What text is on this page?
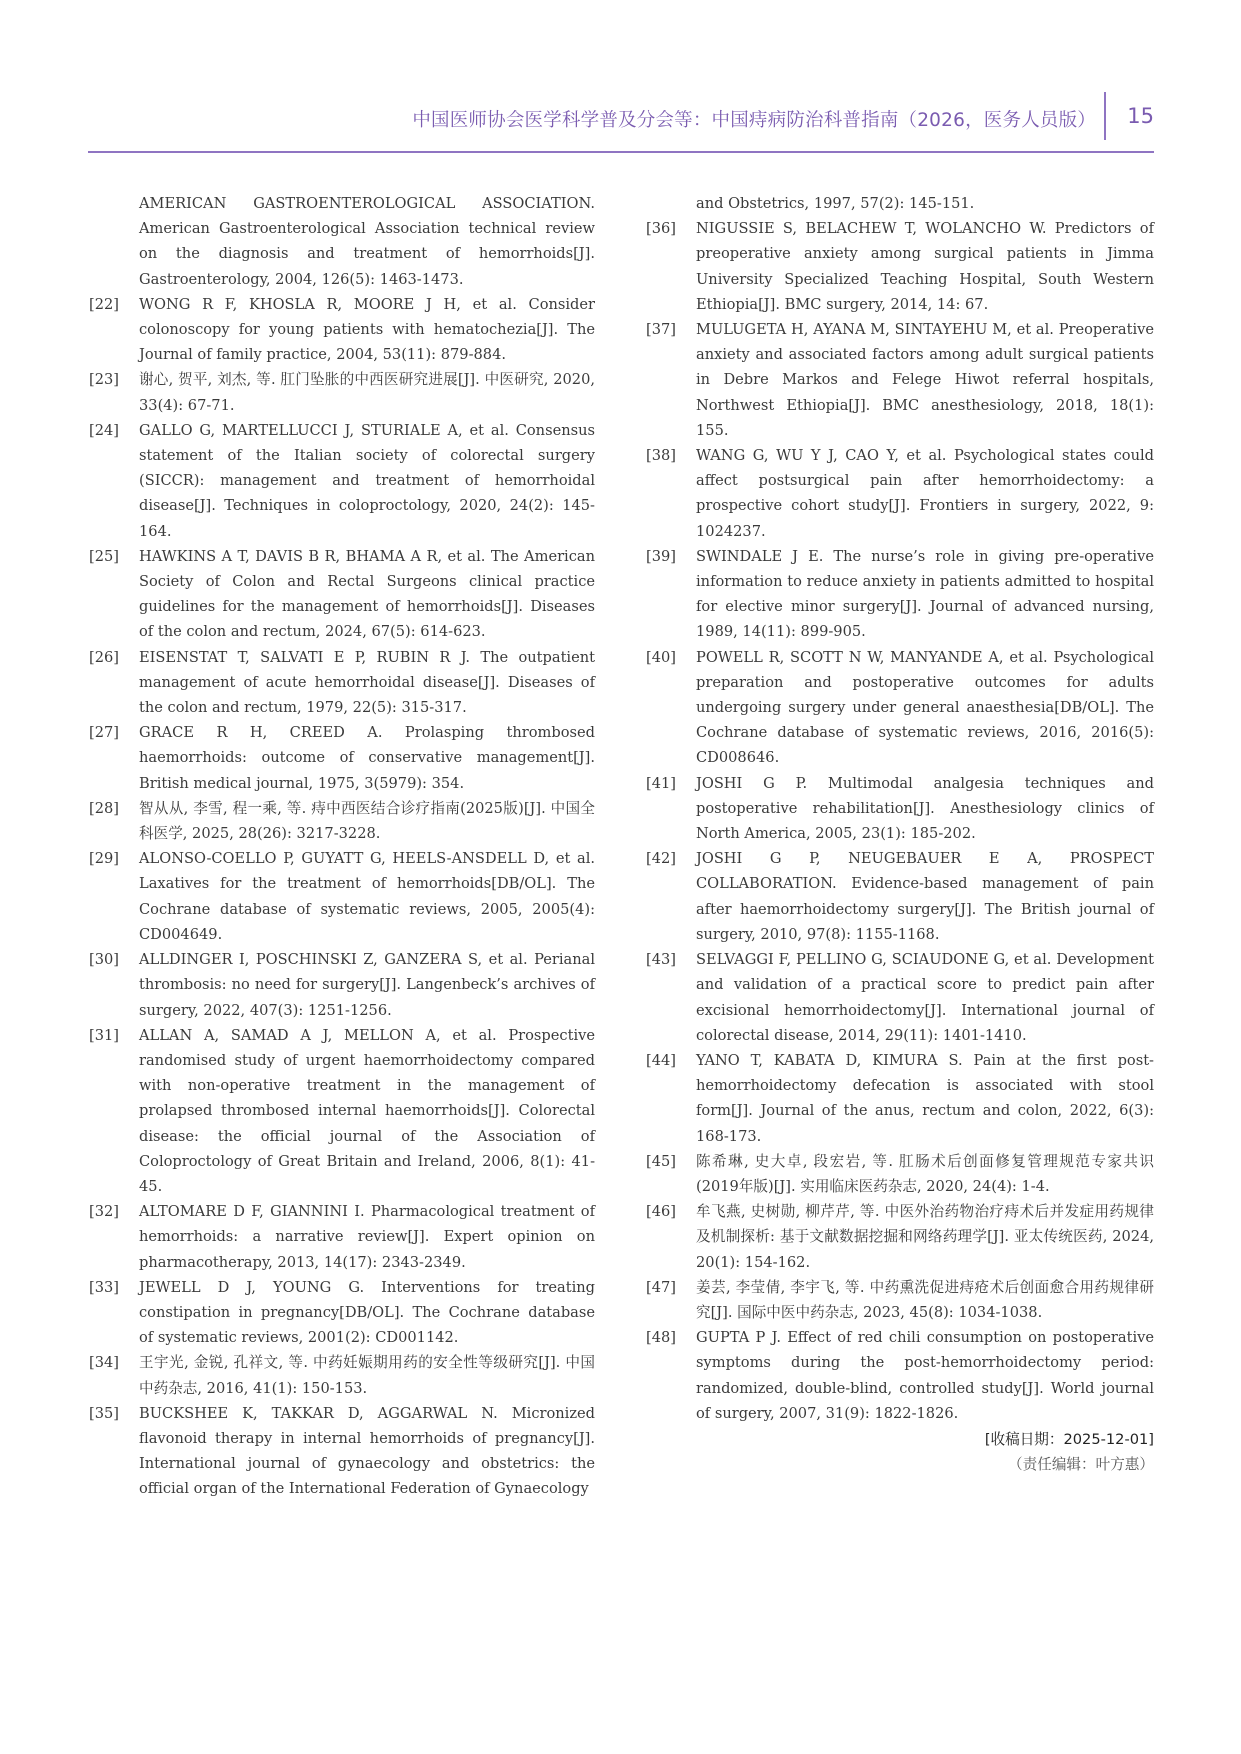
中国医师协会医学科学普及分会等：中国痔病防治科普指南（2026，医务人员版）	15
AMERICAN GASTROENTEROLOGICAL ASSOCIATION. American Gastroenterological Association technical review on the diagnosis and treatment of hemorrhoids[J]. Gastroenterology, 2004, 126(5): 1463-1473.
[22] WONG R F, KHOSLA R, MOORE J H, et al. Consider colonoscopy for young patients with hematochezia[J]. The Journal of family practice, 2004, 53(11): 879-884.
[23] 谢心, 贺平, 刘杰, 等. 肛门坠胀的中西医研究进展[J]. 中医研究, 2020, 33(4): 67-71.
[24] GALLO G, MARTELLUCCI J, STURIALE A, et al. Consensus statement of the Italian society of colorectal surgery (SICCR): management and treatment of hemorrhoidal disease[J]. Techniques in coloproctology, 2020, 24(2): 145-164.
[25] HAWKINS A T, DAVIS B R, BHAMA A R, et al. The American Society of Colon and Rectal Surgeons clinical practice guidelines for the management of hemorrhoids[J]. Diseases of the colon and rectum, 2024, 67(5): 614-623.
[26] EISENSTAT T, SALVATI E P, RUBIN R J. The outpatient management of acute hemorrhoidal disease[J]. Diseases of the colon and rectum, 1979, 22(5): 315-317.
[27] GRACE R H, CREED A. Prolasping thrombosed haemorrhoids: outcome of conservative management[J]. British medical journal, 1975, 3(5979): 354.
[28] 智从从, 李雪, 程一乘, 等. 痔中西医结合诊疗指南(2025版)[J]. 中国全科医学, 2025, 28(26): 3217-3228.
[29] ALONSO-COELLO P, GUYATT G, HEELS-ANSDELL D, et al. Laxatives for the treatment of hemorrhoids[DB/OL]. The Cochrane database of systematic reviews, 2005, 2005(4): CD004649.
[30] ALLDINGER I, POSCHINSKI Z, GANZERA S, et al. Perianal thrombosis: no need for surgery[J]. Langenbeck’s archives of surgery, 2022, 407(3): 1251-1256.
[31] ALLAN A, SAMAD A J, MELLON A, et al. Prospective randomised study of urgent haemorrhoidectomy compared with non-operative treatment in the management of prolapsed thrombosed internal haemorrhoids[J]. Colorectal disease: the official journal of the Association of Coloproctology of Great Britain and Ireland, 2006, 8(1): 41-45.
[32] ALTOMARE D F, GIANNINI I. Pharmacological treatment of hemorrhoids: a narrative review[J]. Expert opinion on pharmacotherapy, 2013, 14(17): 2343-2349.
[33] JEWELL D J, YOUNG G. Interventions for treating constipation in pregnancy[DB/OL]. The Cochrane database of systematic reviews, 2001(2): CD001142.
[34] 王宇光, 金锐, 孔祥文, 等. 中药妊娠期用药的安全性等级研究[J]. 中国中药杂志, 2016, 41(1): 150-153.
[35] BUCKSHEE K, TAKKAR D, AGGARWAL N. Micronized flavonoid therapy in internal hemorrhoids of pregnancy[J]. International journal of gynaecology and obstetrics: the official organ of the International Federation of Gynaecology
and Obstetrics, 1997, 57(2): 145-151.
[36] NIGUSSIE S, BELACHEW T, WOLANCHO W. Predictors of preoperative anxiety among surgical patients in Jimma University Specialized Teaching Hospital, South Western Ethiopia[J]. BMC surgery, 2014, 14: 67.
[37] MULUGETA H, AYANA M, SINTAYEHU M, et al. Preoperative anxiety and associated factors among adult surgical patients in Debre Markos and Felege Hiwot referral hospitals, Northwest Ethiopia[J]. BMC anesthesiology, 2018, 18(1): 155.
[38] WANG G, WU Y J, CAO Y, et al. Psychological states could affect postsurgical pain after hemorrhoidectomy: a prospective cohort study[J]. Frontiers in surgery, 2022, 9: 1024237.
[39] SWINDALE J E. The nurse’s role in giving pre-operative information to reduce anxiety in patients admitted to hospital for elective minor surgery[J]. Journal of advanced nursing, 1989, 14(11): 899-905.
[40] POWELL R, SCOTT N W, MANYANDE A, et al. Psychological preparation and postoperative outcomes for adults undergoing surgery under general anaesthesia[DB/OL]. The Cochrane database of systematic reviews, 2016, 2016(5): CD008646.
[41] JOSHI G P. Multimodal analgesia techniques and postoperative rehabilitation[J]. Anesthesiology clinics of North America, 2005, 23(1): 185-202.
[42] JOSHI G P, NEUGEBAUER E A, PROSPECT COLLABORATION. Evidence-based management of pain after haemorrhoidectomy surgery[J]. The British journal of surgery, 2010, 97(8): 1155-1168.
[43] SELVAGGI F, PELLINO G, SCIAUDONE G, et al. Development and validation of a practical score to predict pain after excisional hemorrhoidectomy[J]. International journal of colorectal disease, 2014, 29(11): 1401-1410.
[44] YANO T, KABATA D, KIMURA S. Pain at the first post-hemorrhoidectomy defecation is associated with stool form[J]. Journal of the anus, rectum and colon, 2022, 6(3): 168-173.
[45] 陈希琳, 史大卓, 段宏岩, 等. 肛肠术后创面修复管理规范专家共识(2019年版)[J]. 实用临床医药杂志, 2020, 24(4): 1-4.
[46] 牟飞燕, 史树勋, 柳芹芹, 等. 中医外治药物治疗痔术后并发症用药规律及机制探析: 基于文献数据挖掘和网络药理学[J]. 亚太传统医药, 2024, 20(1): 154-162.
[47] 姜芸, 李莹倩, 李宇飞, 等. 中药熏洗促进痔疮术后创面愈合用药规律研究[J]. 国际中医中药杂志, 2023, 45(8): 1034-1038.
[48] GUPTA P J. Effect of red chili consumption on postoperative symptoms during the post-hemorrhoidectomy period: randomized, double-blind, controlled study[J]. World journal of surgery, 2007, 31(9): 1822-1826.
[收稿日期：2025-12-01]
（责任编辑：叶方惠）
